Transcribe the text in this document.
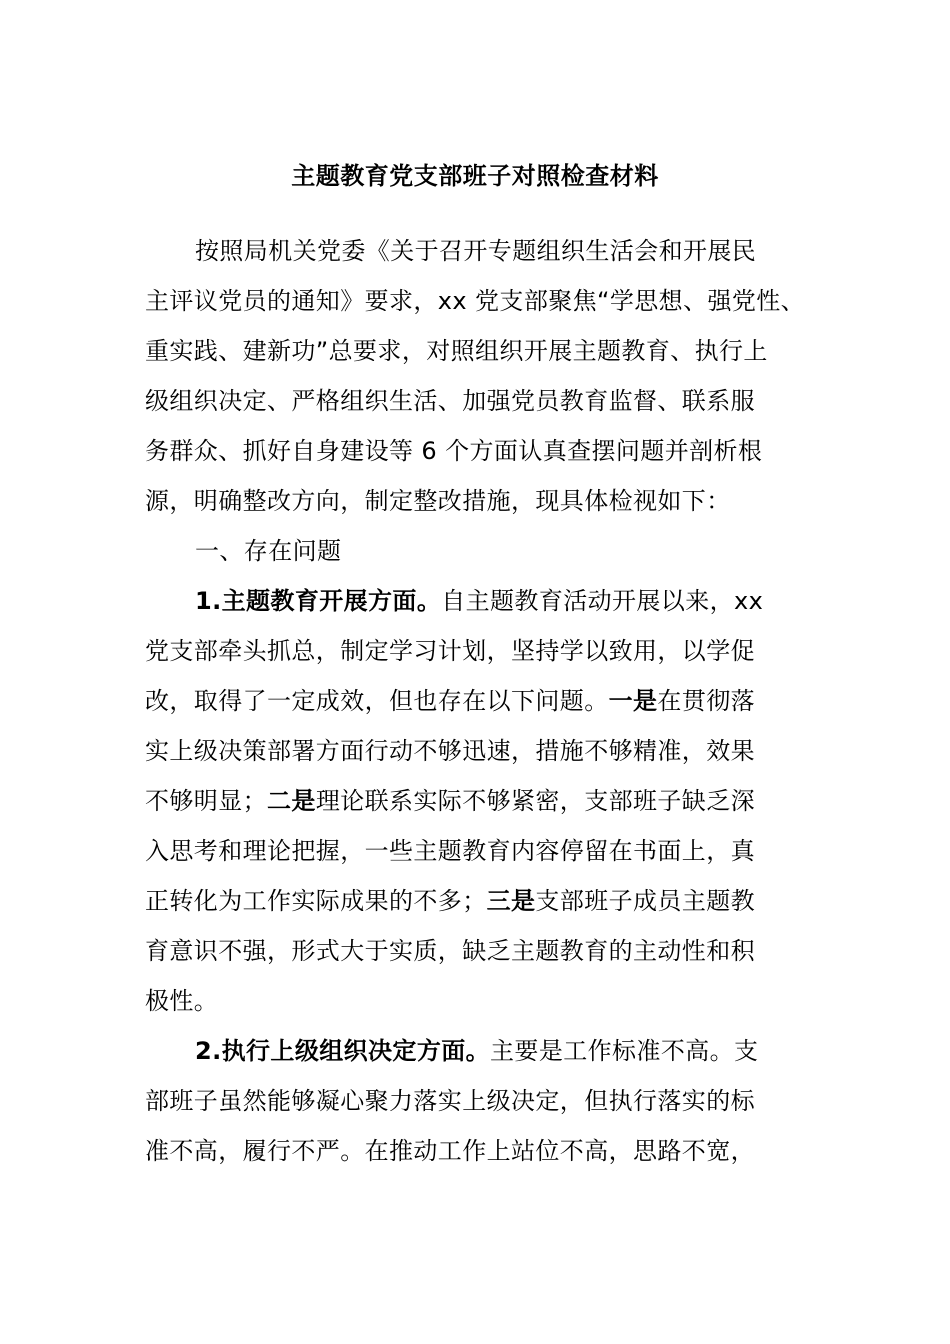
主题教育党支部班子对照检查材料
按照局机关党委《关于召开专题组织生活会和开展民
主评议党员的通知》要求，xx 党支部聚焦“学思想、强党性、
重实践、建新功”总要求，对照组织开展主题教育、执行上
级组织决定、严格组织生活、加强党员教育监督、联系服
务群众、抓好自身建设等 6 个方面认真查摆问题并剖析根
源，明确整改方向，制定整改措施，现具体检视如下：
一、存在问题
1.主题教育开展方面。自主题教育活动开展以来，xx
党支部牵头抓总，制定学习计划，坚持学以致用，以学促
改，取得了一定成效，但也存在以下问题。一是在贯彻落
实上级决策部署方面行动不够迅速，措施不够精准，效果
不够明显；二是理论联系实际不够紧密，支部班子缺乏深
入思考和理论把握，一些主题教育内容停留在书面上，真
正转化为工作实际成果的不多；三是支部班子成员主题教
育意识不强，形式大于实质，缺乏主题教育的主动性和积
极性。
2.执行上级组织决定方面。主要是工作标准不高。支
部班子虽然能够凝心聚力落实上级决定，但执行落实的标
准不高，履行不严。在推动工作上站位不高，思路不宽，
